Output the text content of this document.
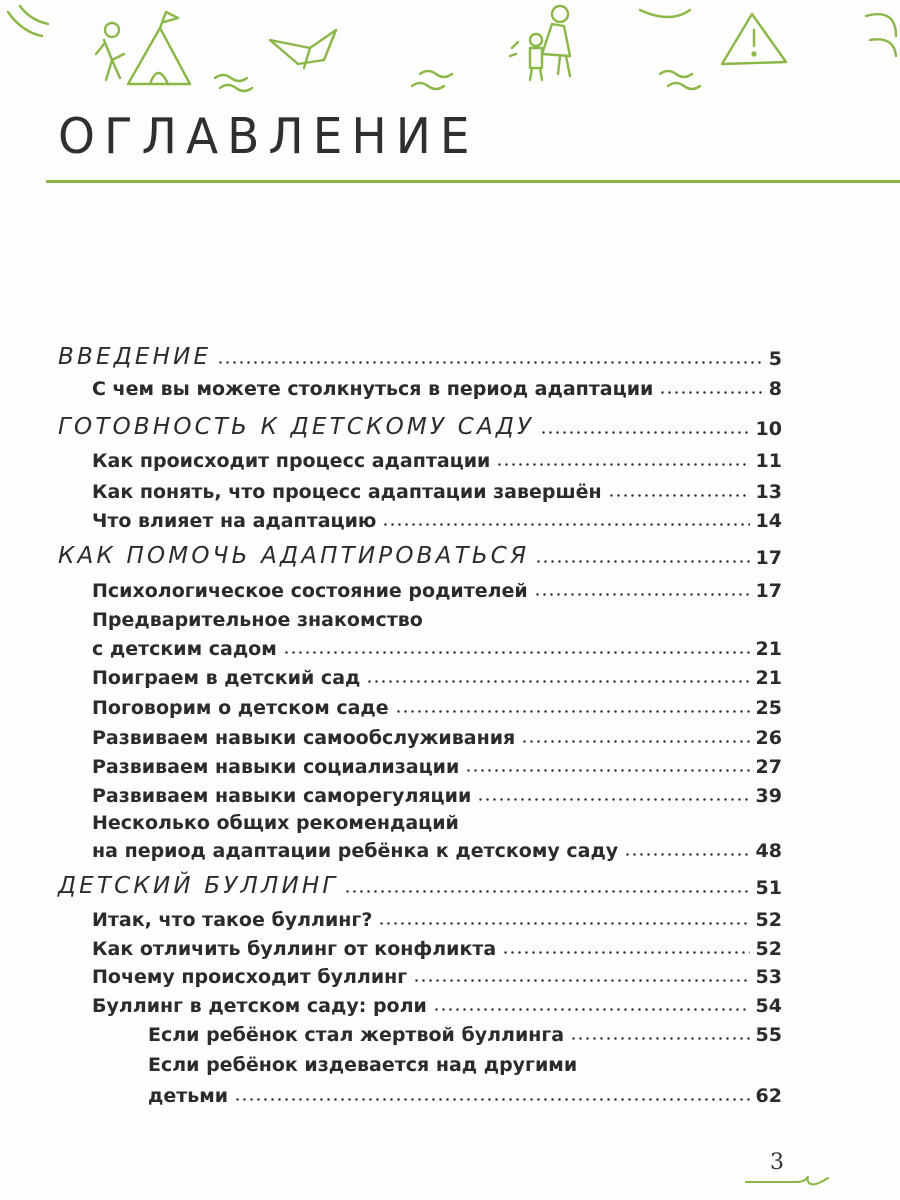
ОГЛАВЛЕНИЕ
ВВЕДЕНИЕ	5
С чем вы можете столкнуться в период адаптации	8
ГОТОВНОСТЬ К ДЕТСКОМУ САДУ	10
Как происходит процесс адаптации	11
Как понять, что процесс адаптации завершён	13
Что влияет на адаптацию	14
КАК ПОМОЧЬ АДАПТИРОВАТЬСЯ	17
Психологическое состояние родителей	17
Предварительное знакомство
с детским садом	21
Поиграем в детский сад	21
Поговорим о детском саде	25
Развиваем навыки самообслуживания	26
Развиваем навыки социализации	27
Развиваем навыки саморегуляции	39
Несколько общих рекомендаций
на период адаптации ребёнка к детскому саду	48
ДЕТСКИЙ БУЛЛИНГ	51
Итак, что такое буллинг?	52
Как отличить буллинг от конфликта	52
Почему происходит буллинг	53
Буллинг в детском саду: роли	54
Если ребёнок стал жертвой буллинга	55
Если ребёнок издевается над другими
детьми	62
3
